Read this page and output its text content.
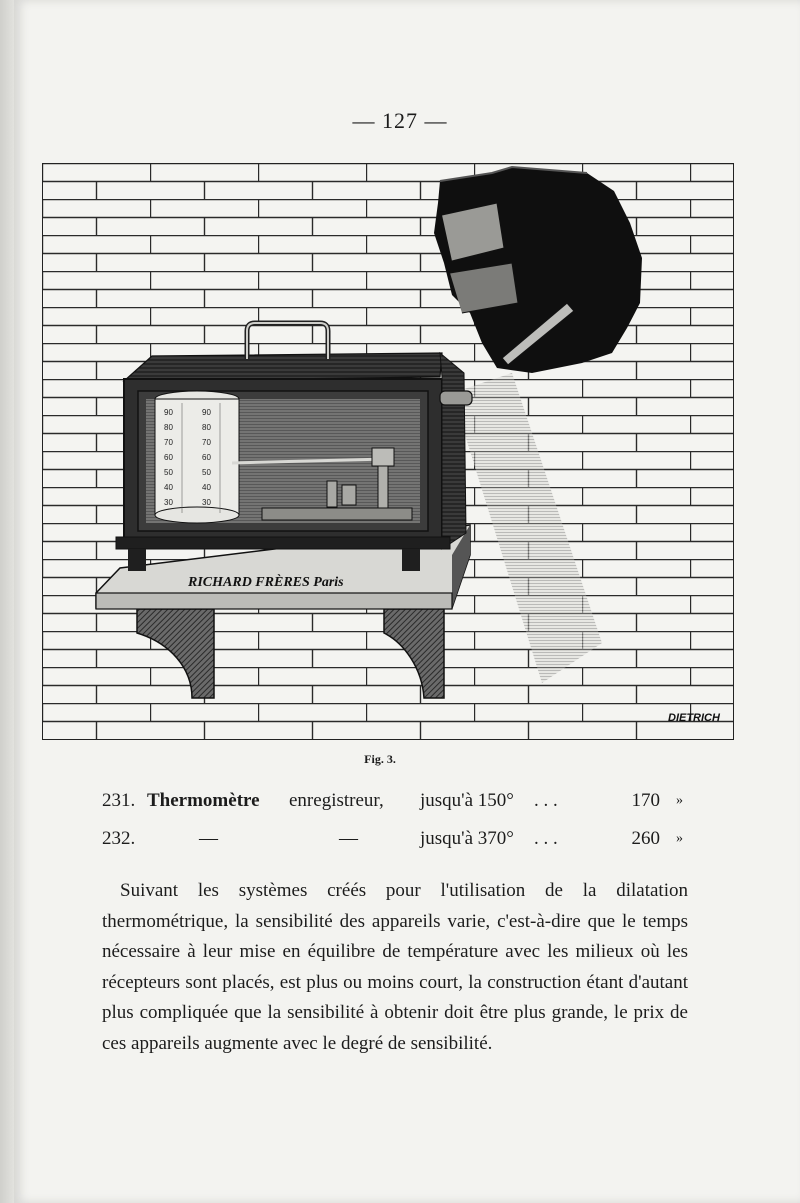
— 127 —
RICHARD FRÈRES Paris
90
80
70
60
50
40
30
90
80
70
60
50
40
30
DIETRICH
Fig. 3.
231. Thermomètre enregistreur, jusqu'à 150° . . .	170 »
232.	—	—	jusqu'à 370° . . .	260 »

Suivant les systèmes créés pour l'utilisation de la dilatation thermométrique, la sensibilité des appareils varie, c'est-à-dire que le temps nécessaire à leur mise en équilibre de température avec les milieux où les récepteurs sont placés, est plus ou moins court, la construction étant d'autant plus compliquée que la sensibilité à obtenir doit être plus grande, le prix de ces appareils augmente avec le degré de sensibilité.
